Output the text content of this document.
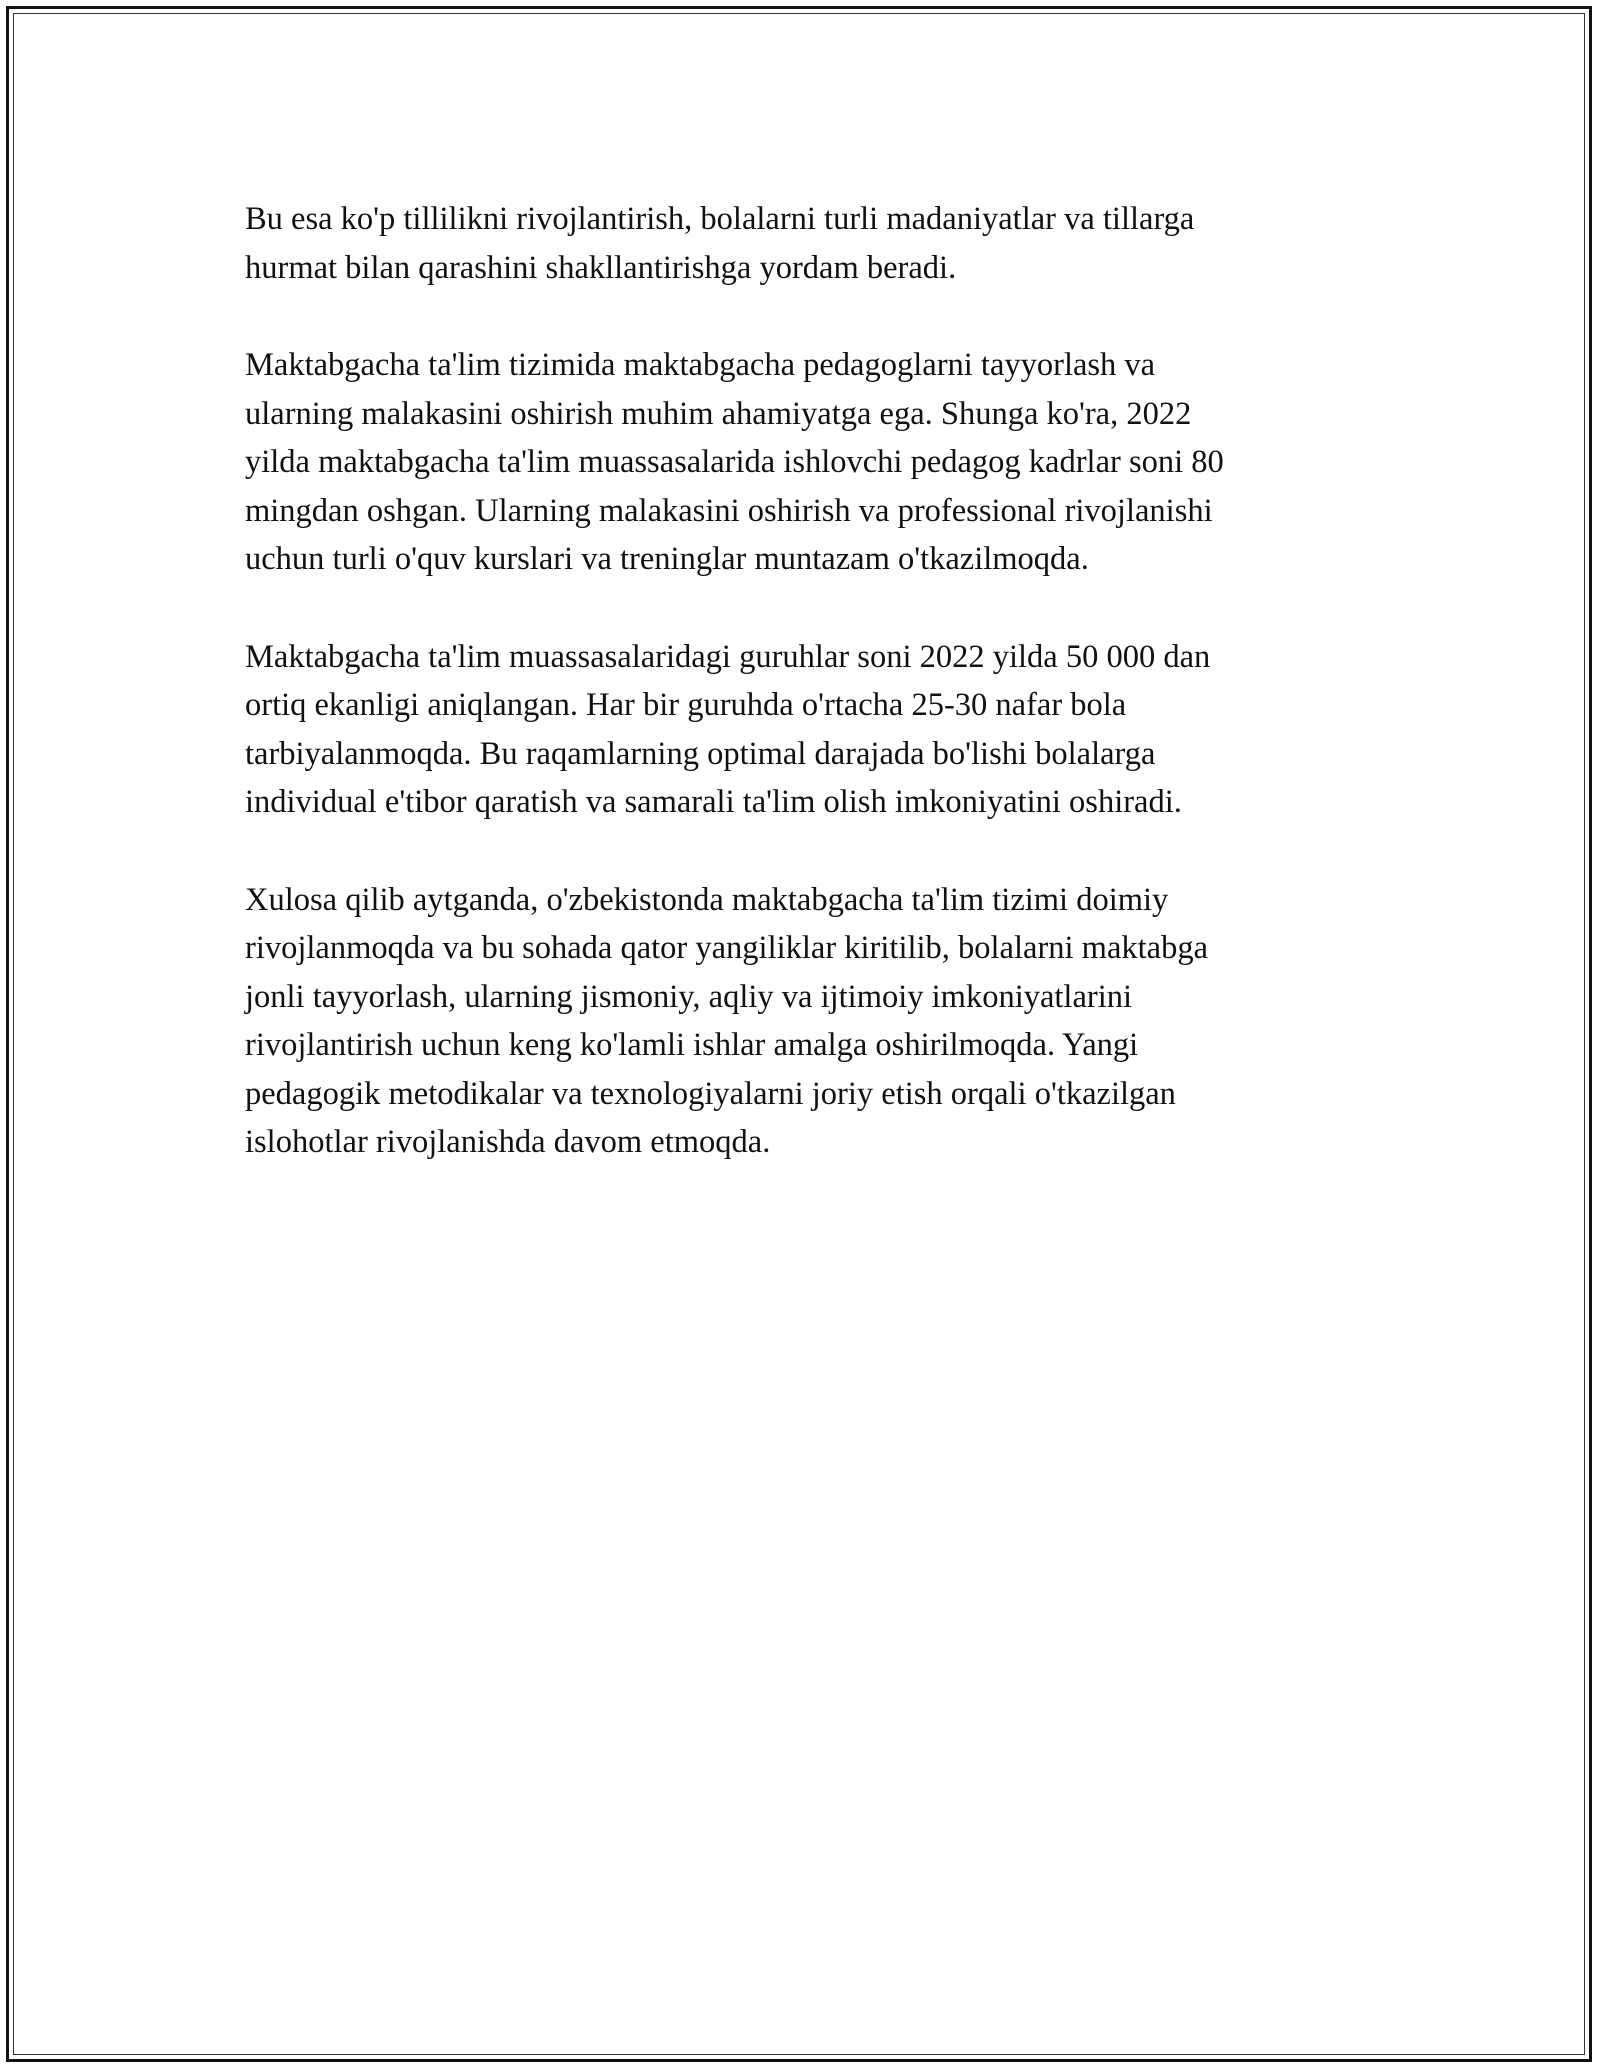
Bu esa ko'p tillilikni rivojlantirish, bolalarni turli madaniyatlar va tillarga
hurmat bilan qarashini shakllantirishga yordam beradi.

Maktabgacha ta'lim tizimida maktabgacha pedagoglarni tayyorlash va
ularning malakasini oshirish muhim ahamiyatga ega. Shunga ko'ra, 2022
yilda maktabgacha ta'lim muassasalarida ishlovchi pedagog kadrlar soni 80
mingdan oshgan. Ularning malakasini oshirish va professional rivojlanishi
uchun turli o'quv kurslari va treninglar muntazam o'tkazilmoqda.

Maktabgacha ta'lim muassasalaridagi guruhlar soni 2022 yilda 50 000 dan
ortiq ekanligi aniqlangan. Har bir guruhda o'rtacha 25-30 nafar bola
tarbiyalanmoqda. Bu raqamlarning optimal darajada bo'lishi bolalarga
individual e'tibor qaratish va samarali ta'lim olish imkoniyatini oshiradi.

Xulosa qilib aytganda, o'zbekistonda maktabgacha ta'lim tizimi doimiy
rivojlanmoqda va bu sohada qator yangiliklar kiritilib, bolalarni maktabga
jonli tayyorlash, ularning jismoniy, aqliy va ijtimoiy imkoniyatlarini
rivojlantirish uchun keng ko'lamli ishlar amalga oshirilmoqda. Yangi
pedagogik metodikalar va texnologiyalarni joriy etish orqali o'tkazilgan
islohotlar rivojlanishda davom etmoqda.
